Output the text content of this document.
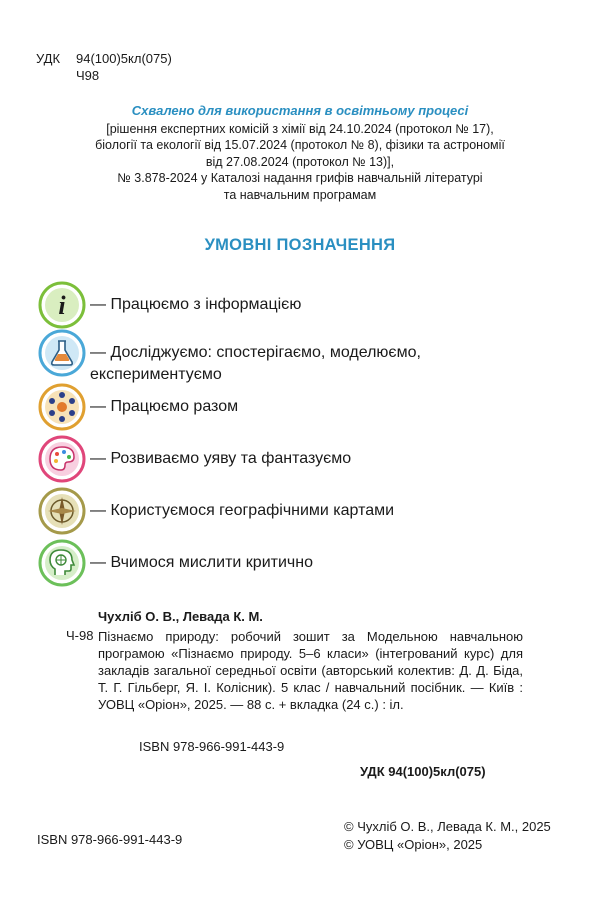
УДК 94(100)5кл(075)
Ч98
Схвалено для використання в освітньому процесі
[рішення експертних комісій з хімії від 24.10.2024 (протокол № 17),
біології та екології від 15.07.2024 (протокол № 8), фізики та астрономії
від 27.08.2024 (протокол № 13)],
№ 3.878-2024 у Каталозі надання грифів навчальній літературі
та навчальним програмам
УМОВНІ ПОЗНАЧЕННЯ
i — Працюємо з інформацією
— Досліджуємо: спостерігаємо, моделюємо, експериментуємо
— Працюємо разом
— Розвиваємо уяву та фантазуємо
— Користуємося географічними картами
— Вчимося мислити критично
Чухліб О. В., Левада К. М.
Ч-98 Пізнаємо природу: робочий зошит за Модельною навчальною програмою «Пізнаємо природу. 5–6 класи» (інтегрований курс) для закладів загальної середньої освіти (авторський колектив: Д. Д. Біда, Т. Г. Гільберг, Я. І. Колісник). 5 клас / навчальний посібник. — Київ : УОВЦ «Оріон», 2025. — 88 с. + вкладка (24 с.) : іл.
ISBN 978-966-991-443-9
УДК 94(100)5кл(075)
ISBN 978-966-991-443-9
© Чухліб О. В., Левада К. М., 2025
© УОВЦ «Оріон», 2025
